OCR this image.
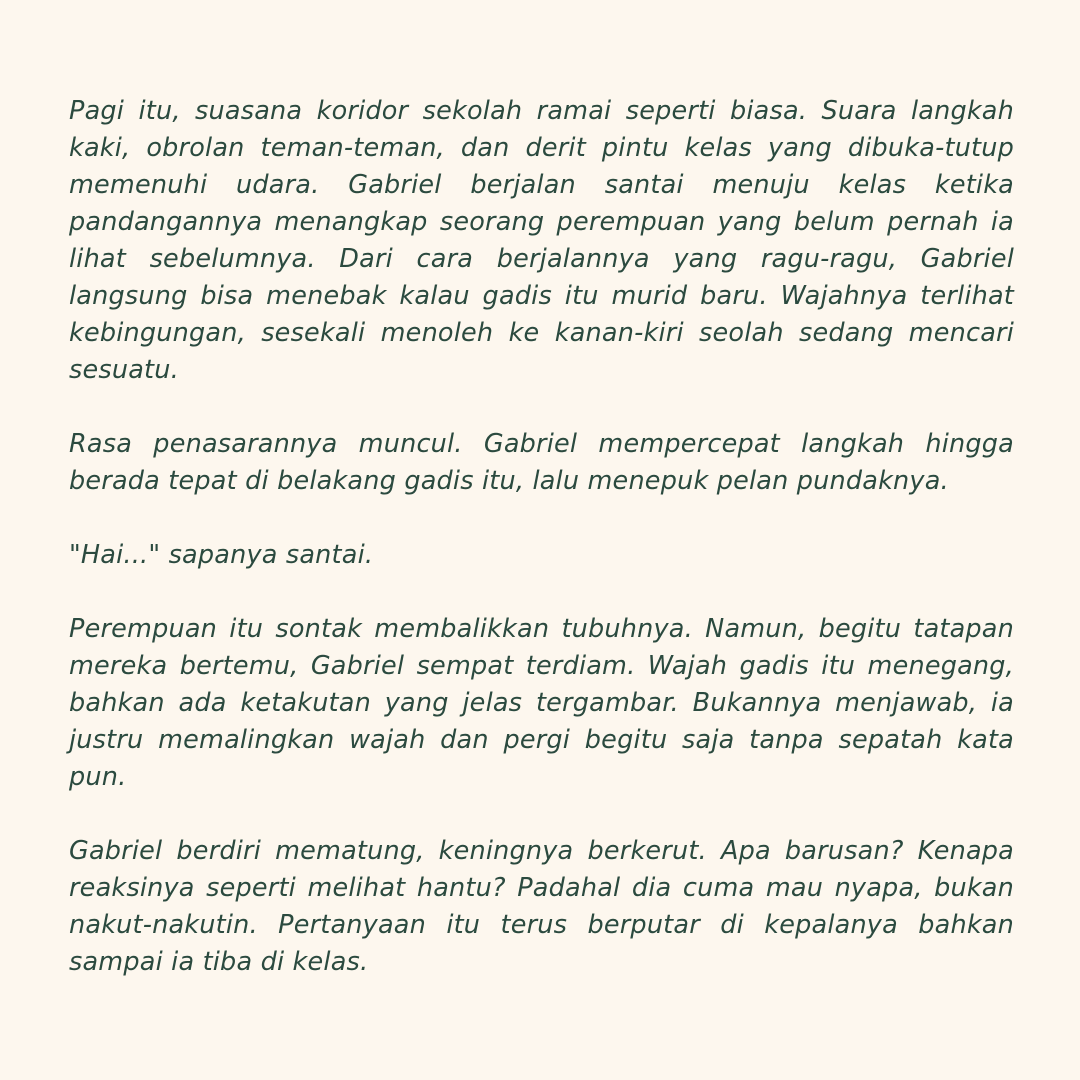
Pagi itu, suasana koridor sekolah ramai seperti biasa. Suara langkah kaki, obrolan teman-teman, dan derit pintu kelas yang dibuka-tutup memenuhi udara. Gabriel berjalan santai menuju kelas ketika pandangannya menangkap seorang perempuan yang belum pernah ia lihat sebelumnya. Dari cara berjalannya yang ragu-ragu, Gabriel langsung bisa menebak kalau gadis itu murid baru. Wajahnya terlihat kebingungan, sesekali menoleh ke kanan-kiri seolah sedang mencari sesuatu.

Rasa penasarannya muncul. Gabriel mempercepat langkah hingga berada tepat di belakang gadis itu, lalu menepuk pelan pundaknya.

"Hai..." sapanya santai.

Perempuan itu sontak membalikkan tubuhnya. Namun, begitu tatapan mereka bertemu, Gabriel sempat terdiam. Wajah gadis itu menegang, bahkan ada ketakutan yang jelas tergambar. Bukannya menjawab, ia justru memalingkan wajah dan pergi begitu saja tanpa sepatah kata pun.

Gabriel berdiri mematung, keningnya berkerut. Apa barusan? Kenapa reaksinya seperti melihat hantu? Padahal dia cuma mau nyapa, bukan nakut-nakutin. Pertanyaan itu terus berputar di kepalanya bahkan sampai ia tiba di kelas.
